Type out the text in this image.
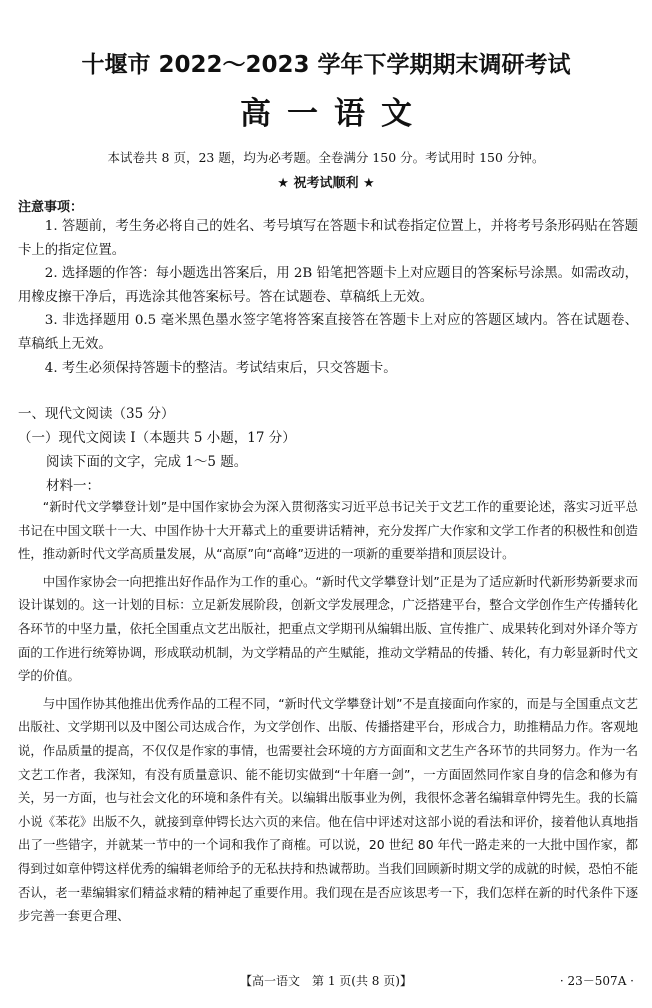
十堰市 2022～2023 学年下学期期末调研考试
高一语文
本试卷共 8 页，23 题，均为必考题。全卷满分 150 分。考试用时 150 分钟。
★ 祝考试顺利 ★
注意事项：

1. 答题前，考生务必将自己的姓名、考号填写在答题卡和试卷指定位置上，并将考号条形码贴在答题卡上的指定位置。

2. 选择题的作答：每小题选出答案后，用 2B 铅笔把答题卡上对应题目的答案标号涂黑。如需改动，用橡皮擦干净后，再选涂其他答案标号。答在试题卷、草稿纸上无效。

3. 非选择题用 0.5 毫米黑色墨水签字笔将答案直接答在答题卡上对应的答题区域内。答在试题卷、草稿纸上无效。

4. 考生必须保持答题卡的整洁。考试结束后，只交答题卡。

一、现代文阅读（35 分）
（一）现代文阅读 Ⅰ（本题共 5 小题，17 分）
阅读下面的文字，完成 1～5 题。
材料一：

“新时代文学攀登计划”是中国作家协会为深入贯彻落实习近平总书记关于文艺工作的重要论述，落实习近平总书记在中国文联十一大、中国作协十大开幕式上的重要讲话精神，充分发挥广大作家和文学工作者的积极性和创造性，推动新时代文学高质量发展，从“高原”向“高峰”迈进的一项新的重要举措和顶层设计。

中国作家协会一向把推出好作品作为工作的重心。“新时代文学攀登计划”正是为了适应新时代新形势新要求而设计谋划的。这一计划的目标：立足新发展阶段，创新文学发展理念，广泛搭建平台，整合文学创作生产传播转化各环节的中坚力量，依托全国重点文艺出版社，把重点文学期刊从编辑出版、宣传推广、成果转化到对外译介等方面的工作进行统筹协调，形成联动机制，为文学精品的产生赋能，推动文学精品的传播、转化，有力彰显新时代文学的价值。

与中国作协其他推出优秀作品的工程不同，“新时代文学攀登计划”不是直接面向作家的，而是与全国重点文艺出版社、文学期刊以及中图公司达成合作，为文学创作、出版、传播搭建平台，形成合力，助推精品力作。客观地说，作品质量的提高，不仅仅是作家的事情，也需要社会环境的方方面面和文艺生产各环节的共同努力。作为一名文艺工作者，我深知，有没有质量意识、能不能切实做到“十年磨一剑”，一方面固然同作家自身的信念和修为有关，另一方面，也与社会文化的环境和条件有关。以编辑出版事业为例，我很怀念著名编辑章仲锷先生。我的长篇小说《苯花》出版不久，就接到章仲锷长达六页的来信。他在信中评述对这部小说的看法和评价，接着他认真地指出了一些错字，并就某一节中的一个词和我作了商榷。可以说，20 世纪 80 年代一路走来的一大批中国作家，都得到过如章仲锷这样优秀的编辑老师给予的无私扶持和热诚帮助。当我们回顾新时期文学的成就的时候，恐怕不能否认，老一辈编辑家们精益求精的精神起了重要作用。我们现在是否应该思考一下，我们怎样在新的时代条件下逐步完善一套更合理、

【高一语文　第 1 页(共 8 页)】	· 23－507A ·
